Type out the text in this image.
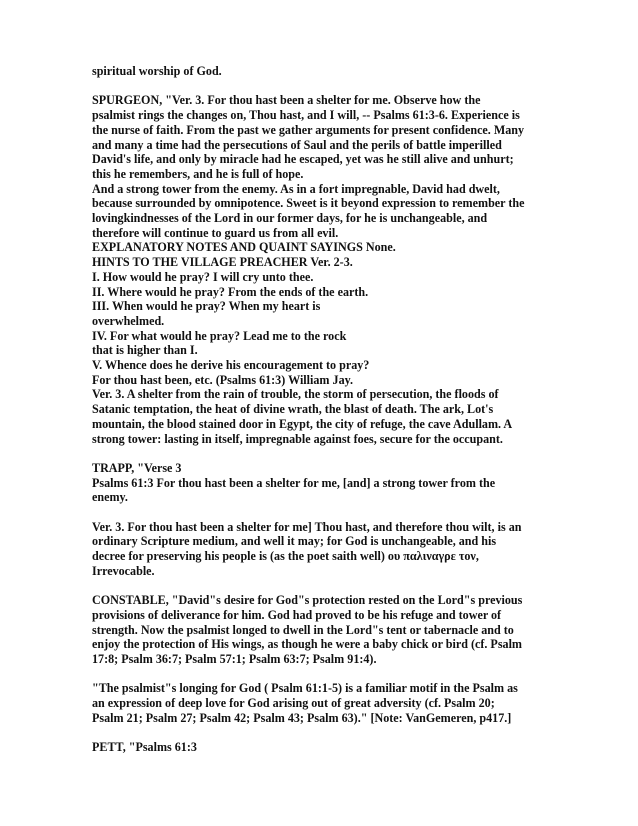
spiritual worship of God.
SPURGEON, "Ver. 3. For thou hast been a shelter for me. Observe how the
psalmist rings the changes on, Thou hast, and I will, -- Psalms 61:3-6. Experience is
the nurse of faith. From the past we gather arguments for present confidence. Many
and many a time had the persecutions of Saul and the perils of battle imperilled
David's life, and only by miracle had he escaped, yet was he still alive and unhurt;
this he remembers, and he is full of hope.
And a strong tower from the enemy. As in a fort impregnable, David had dwelt,
because surrounded by omnipotence. Sweet is it beyond expression to remember the
lovingkindnesses of the Lord in our former days, for he is unchangeable, and
therefore will continue to guard us from all evil.
EXPLANATORY NOTES AND QUAINT SAYINGS None.
HINTS TO THE VILLAGE PREACHER Ver. 2-3.
I. How would he pray? I will cry unto thee.
II. Where would he pray? From the ends of the earth.
III. When would he pray? When my heart is
overwhelmed.
IV. For what would he pray? Lead me to the rock
that is higher than I.
V. Whence does he derive his encouragement to pray?
For thou hast been, etc. (Psalms 61:3) William Jay.
Ver. 3. A shelter from the rain of trouble, the storm of persecution, the floods of
Satanic temptation, the heat of divine wrath, the blast of death. The ark, Lot's
mountain, the blood stained door in Egypt, the city of refuge, the cave Adullam. A
strong tower: lasting in itself, impregnable against foes, secure for the occupant.
TRAPP, "Verse 3
Psalms 61:3 For thou hast been a shelter for me, [and] a strong tower from the
enemy.
Ver. 3. For thou hast been a shelter for me] Thou hast, and therefore thou wilt, is an
ordinary Scripture medium, and well it may; for God is unchangeable, and his
decree for preserving his people is (as the poet saith well) ου παλιναγρε τον,
Irrevocable.
CONSTABLE, "David"s desire for God"s protection rested on the Lord"s previous
provisions of deliverance for him. God had proved to be his refuge and tower of
strength. Now the psalmist longed to dwell in the Lord"s tent or tabernacle and to
enjoy the protection of His wings, as though he were a baby chick or bird (cf. Psalm
17:8; Psalm 36:7; Psalm 57:1; Psalm 63:7; Psalm 91:4).
"The psalmist"s longing for God ( Psalm 61:1-5) is a familiar motif in the Psalm as
an expression of deep love for God arising out of great adversity (cf. Psalm 20;
Psalm 21; Psalm 27; Psalm 42; Psalm 43; Psalm 63)." [Note: VanGemeren, p417.]
PETT, "Psalms 61:3
